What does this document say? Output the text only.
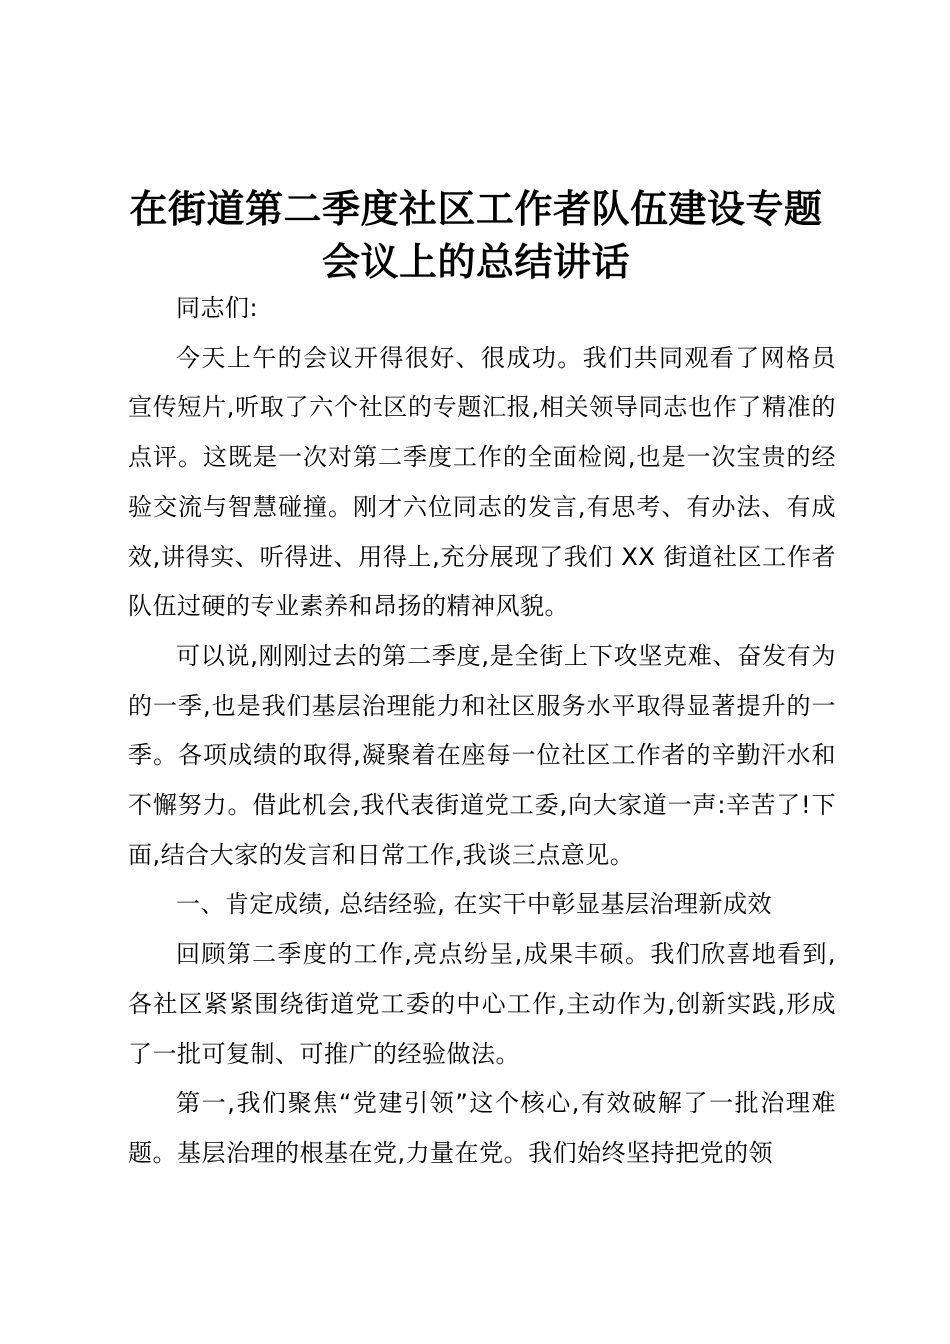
在街道第二季度社区工作者队伍建设专题会议上的总结讲话

同志们:

今天上午的会议开得很好、很成功。我们共同观看了网格员宣传短片,听取了六个社区的专题汇报,相关领导同志也作了精准的点评。这既是一次对第二季度工作的全面检阅,也是一次宝贵的经验交流与智慧碰撞。刚才六位同志的发言,有思考、有办法、有成效,讲得实、听得进、用得上,充分展现了我们 XX 街道社区工作者队伍过硬的专业素养和昂扬的精神风貌。

可以说,刚刚过去的第二季度,是全街上下攻坚克难、奋发有为的一季,也是我们基层治理能力和社区服务水平取得显著提升的一季。各项成绩的取得,凝聚着在座每一位社区工作者的辛勤汗水和不懈努力。借此机会,我代表街道党工委,向大家道一声:辛苦了!下面,结合大家的发言和日常工作,我谈三点意见。

一、肯定成绩, 总结经验, 在实干中彰显基层治理新成效

回顾第二季度的工作,亮点纷呈,成果丰硕。我们欣喜地看到,各社区紧紧围绕街道党工委的中心工作,主动作为,创新实践,形成了一批可复制、可推广的经验做法。

第一,我们聚焦“党建引领”这个核心,有效破解了一批治理难题。基层治理的根基在党,力量在党。我们始终坚持把党的领
